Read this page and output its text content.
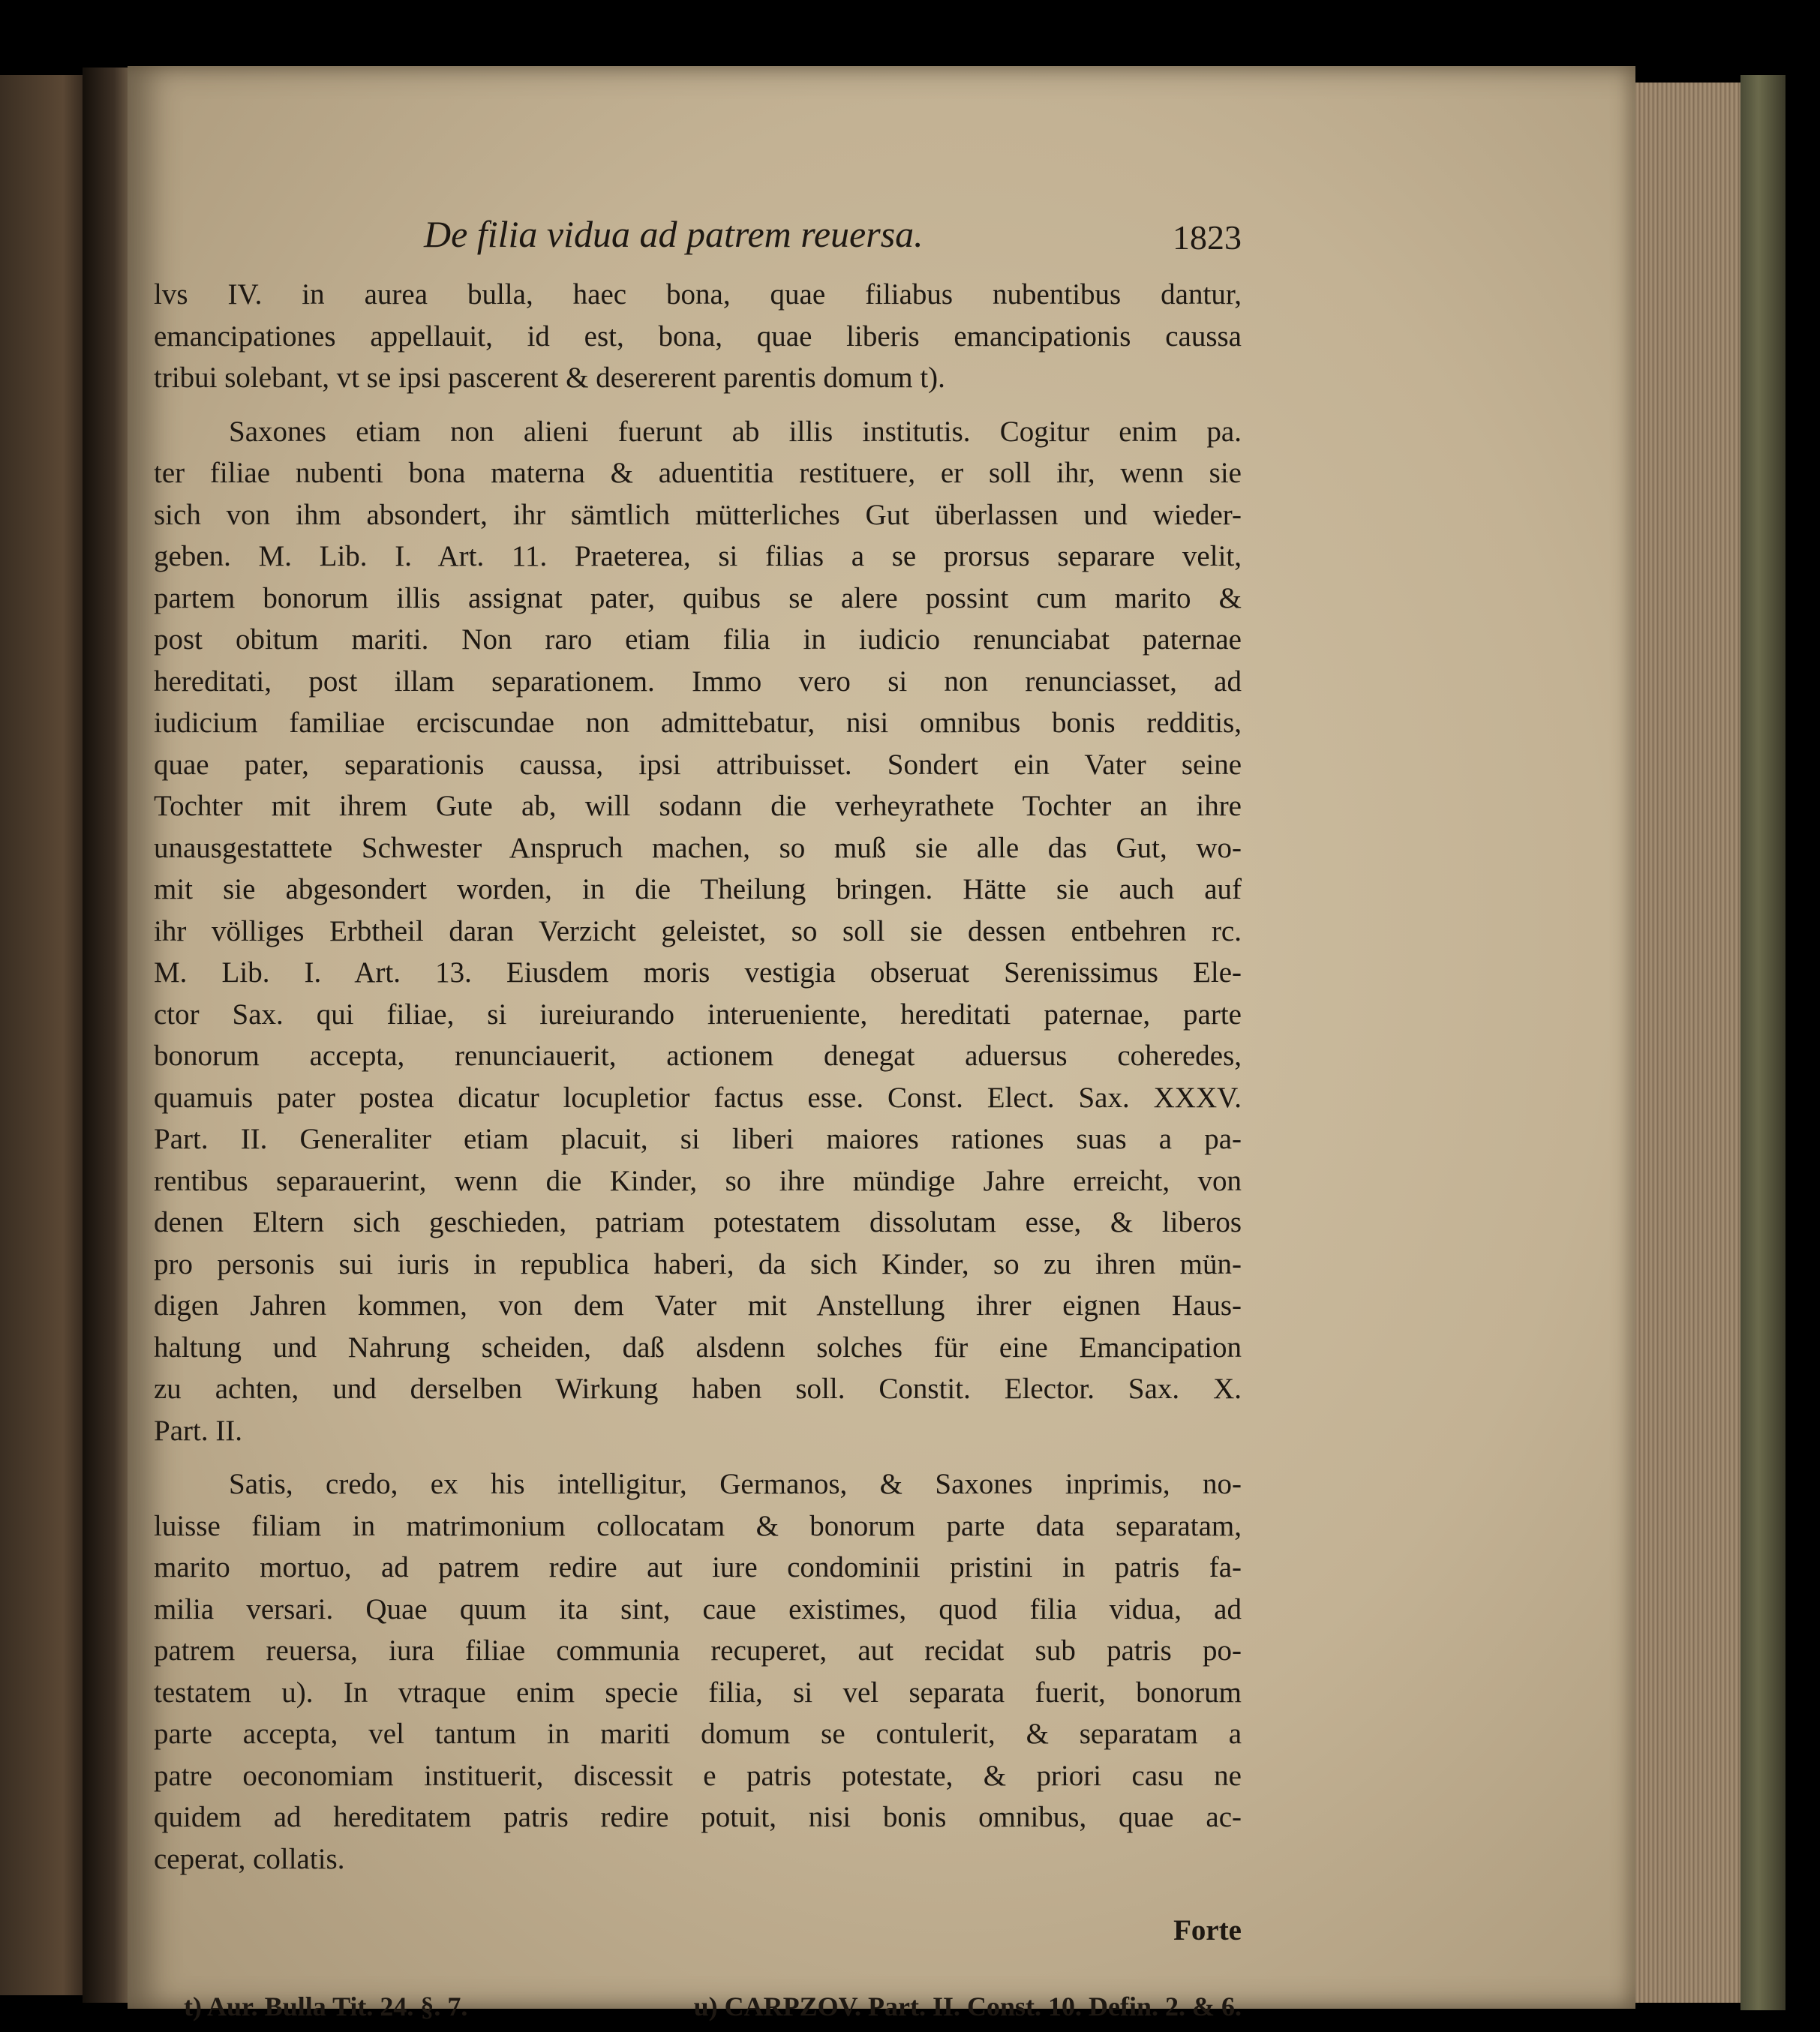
De filia vidua ad patrem reuersa.	1823
lvs IV. in aurea bulla, haec bona, quae filiabus nubentibus dantur,
emancipationes appellauit, id est, bona, quae liberis emancipationis caussa
tribui solebant, vt se ipsi pascerent & desererent parentis domum t).
Saxones etiam non alieni fuerunt ab illis institutis. Cogitur enim pa.
ter filiae nubenti bona materna & aduentitia restituere, er soll ihr, wenn sie
sich von ihm absondert, ihr sämtlich mütterliches Gut überlassen und wieder-
geben. M. Lib. I. Art. 11. Praeterea, si filias a se prorsus separare velit,
partem bonorum illis assignat pater, quibus se alere possint cum marito &
post obitum mariti. Non raro etiam filia in iudicio renunciabat paternae
hereditati, post illam separationem. Immo vero si non renunciasset, ad
iudicium familiae erciscundae non admittebatur, nisi omnibus bonis redditis,
quae pater, separationis caussa, ipsi attribuisset. Sondert ein Vater seine
Tochter mit ihrem Gute ab, will sodann die verheyrathete Tochter an ihre
unausgestattete Schwester Anspruch machen, so muß sie alle das Gut, wo-
mit sie abgesondert worden, in die Theilung bringen. Hätte sie auch auf
ihr völliges Erbtheil daran Verzicht geleistet, so soll sie dessen entbehren rc.
M. Lib. I. Art. 13. Eiusdem moris vestigia obseruat Serenissimus Ele-
ctor Sax. qui filiae, si iureiurando interueniente, hereditati paternae, parte
bonorum accepta, renunciauerit, actionem denegat aduersus coheredes,
quamuis pater postea dicatur locupletior factus esse. Const. Elect. Sax. XXXV.
Part. II. Generaliter etiam placuit, si liberi maiores rationes suas a pa-
rentibus separauerint, wenn die Kinder, so ihre mündige Jahre erreicht, von
denen Eltern sich geschieden, patriam potestatem dissolutam esse, & liberos
pro personis sui iuris in republica haberi, da sich Kinder, so zu ihren mün-
digen Jahren kommen, von dem Vater mit Anstellung ihrer eignen Haus-
haltung und Nahrung scheiden, daß alsdenn solches für eine Emancipation
zu achten, und derselben Wirkung haben soll. Constit. Elector. Sax. X.
Part. II.
Satis, credo, ex his intelligitur, Germanos, & Saxones inprimis, no-
luisse filiam in matrimonium collocatam & bonorum parte data separatam,
marito mortuo, ad patrem redire aut iure condominii pristini in patris fa-
milia versari. Quae quum ita sint, caue existimes, quod filia vidua, ad
patrem reuersa, iura filiae communia recuperet, aut recidat sub patris po-
testatem u). In vtraque enim specie filia, si vel separata fuerit, bonorum
parte accepta, vel tantum in mariti domum se contulerit, & separatam a
patre oeconomiam instituerit, discessit e patris potestate, & priori casu ne
quidem ad hereditatem patris redire potuit, nisi bonis omnibus, quae ac-
ceperat, collatis.
Forte
t) Aur. Bulla Tit. 24. §. 7.	u) CARPZOV. Part. II. Const. 10. Defin. 2. & 6.
